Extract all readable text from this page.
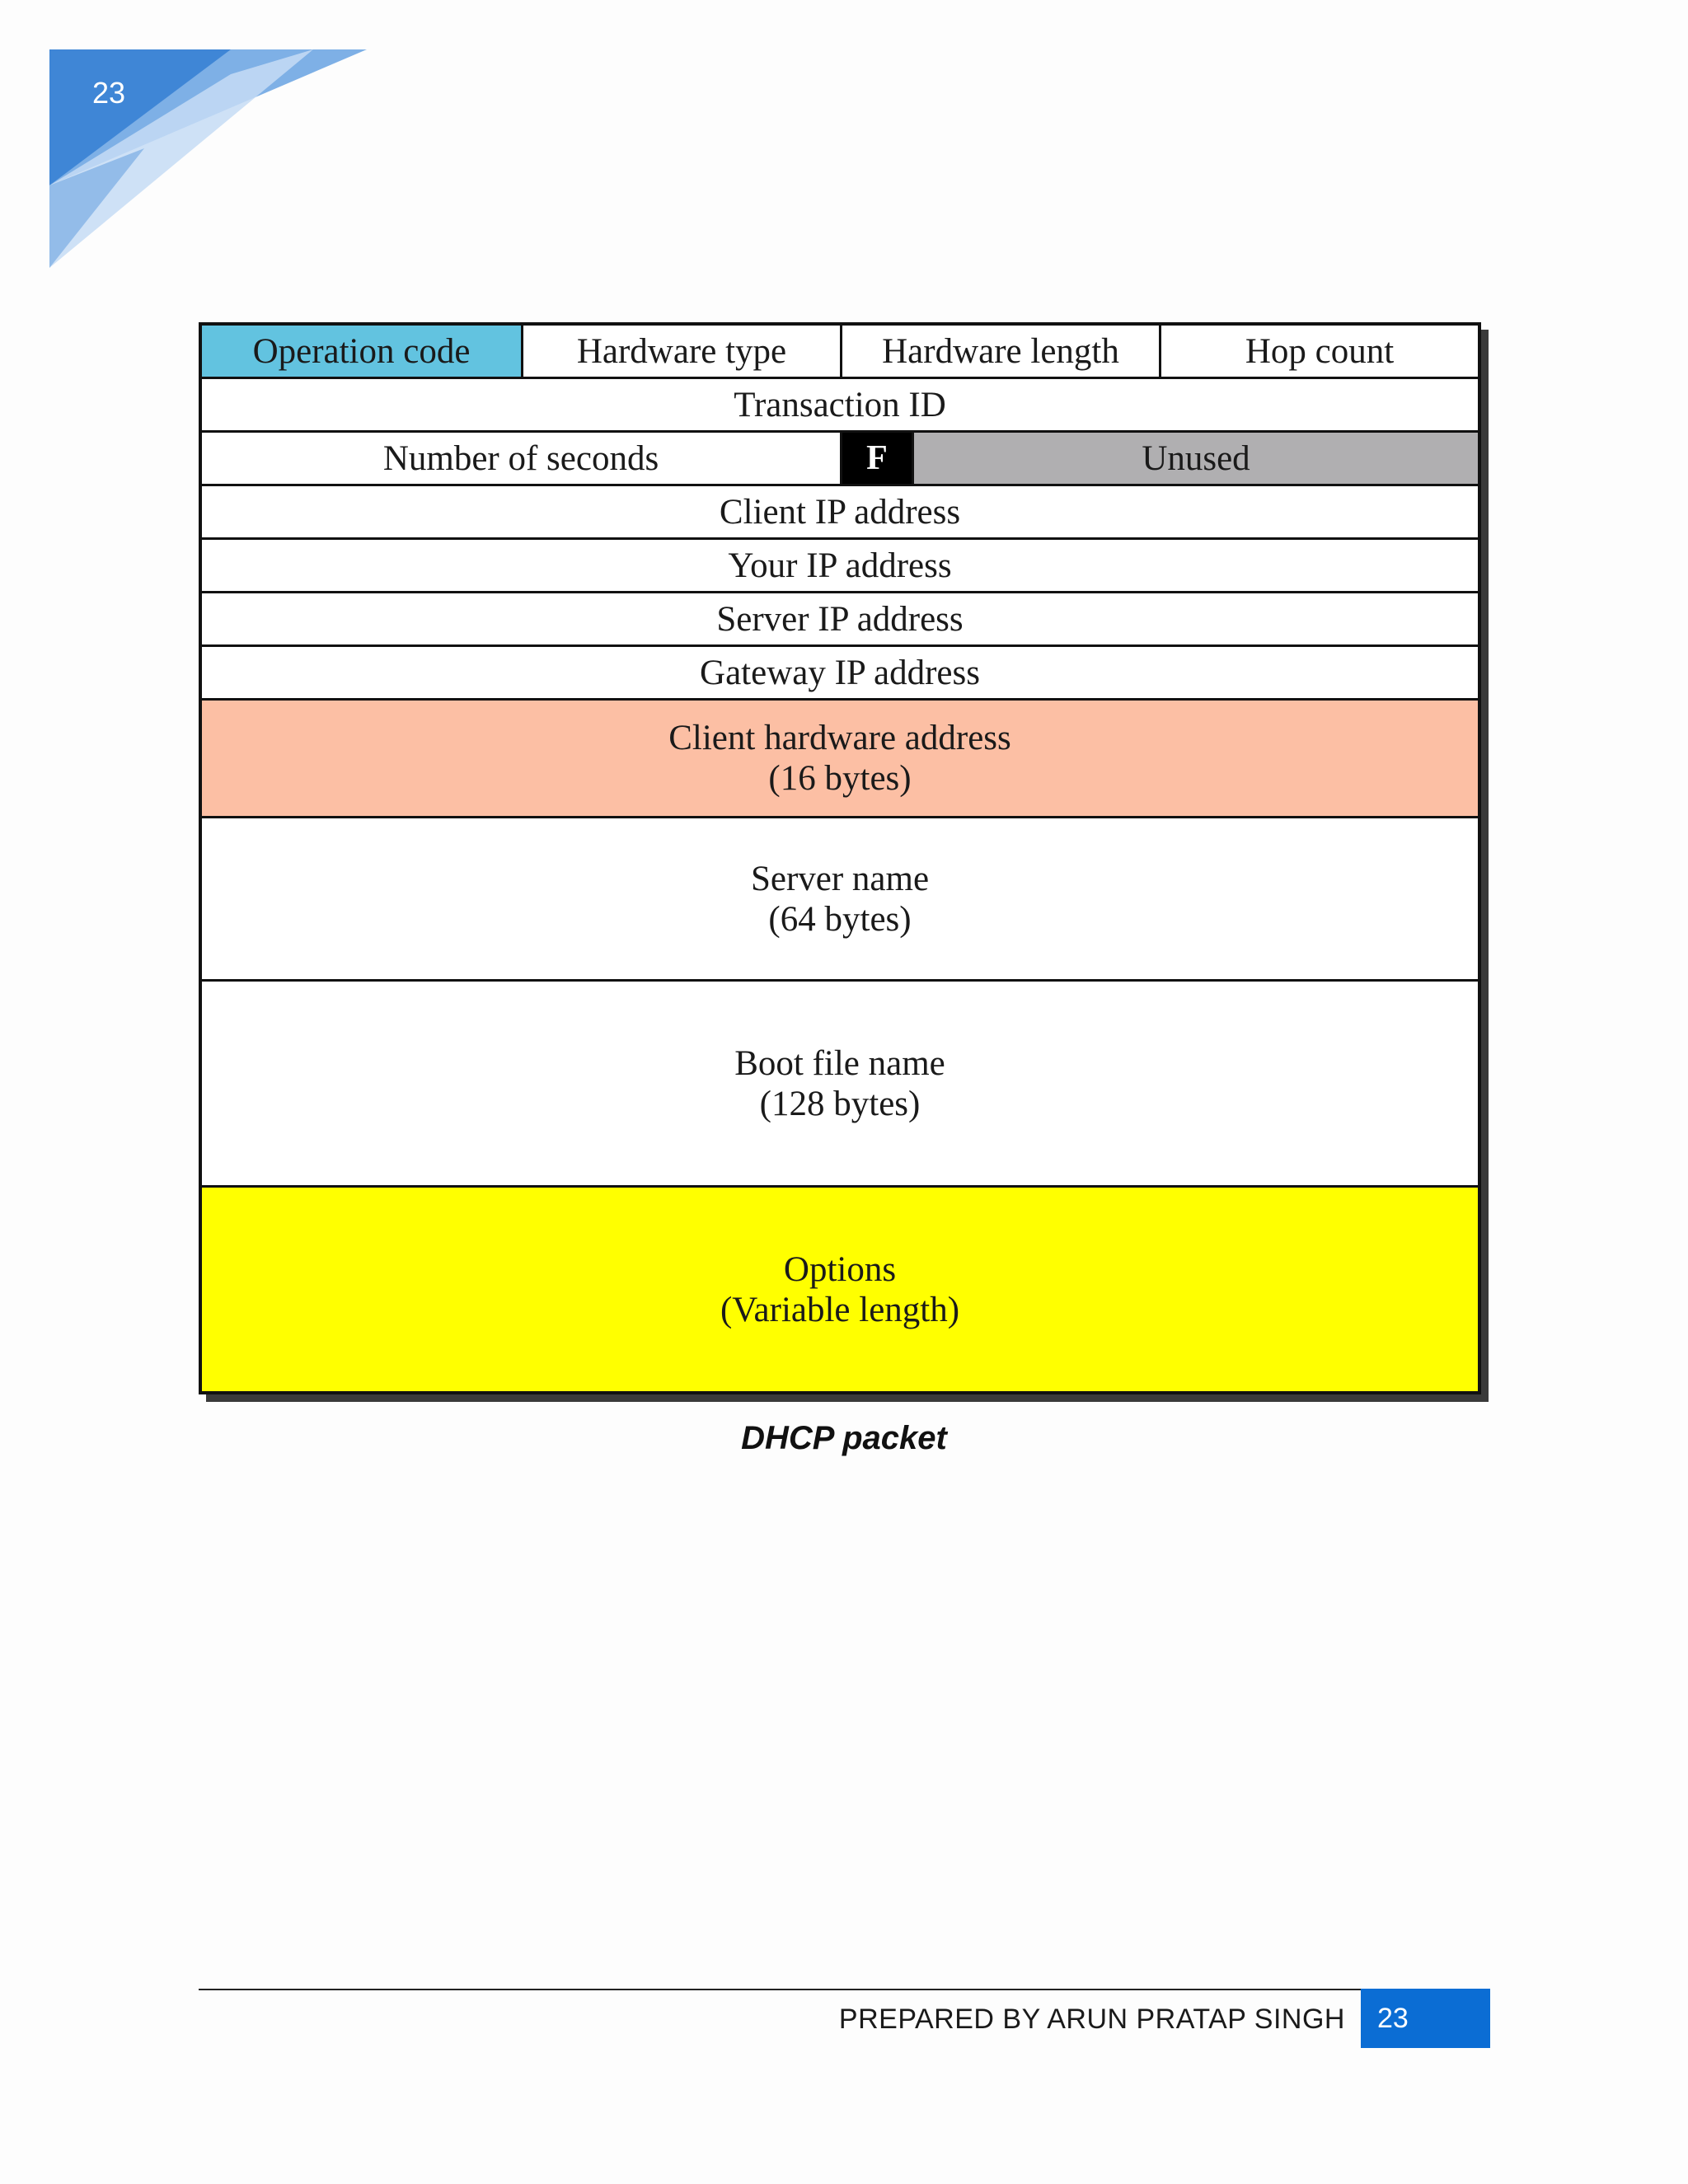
23
Operation code	Hardware type	Hardware length	Hop count
Transaction ID
Number of seconds	F	Unused
Client IP address
Your IP address
Server IP address
Gateway IP address
Client hardware address
(16 bytes)
Server name
(64 bytes)
Boot file name
(128 bytes)
Options
(Variable length)
DHCP packet
PREPARED BY ARUN PRATAP SINGH	23
